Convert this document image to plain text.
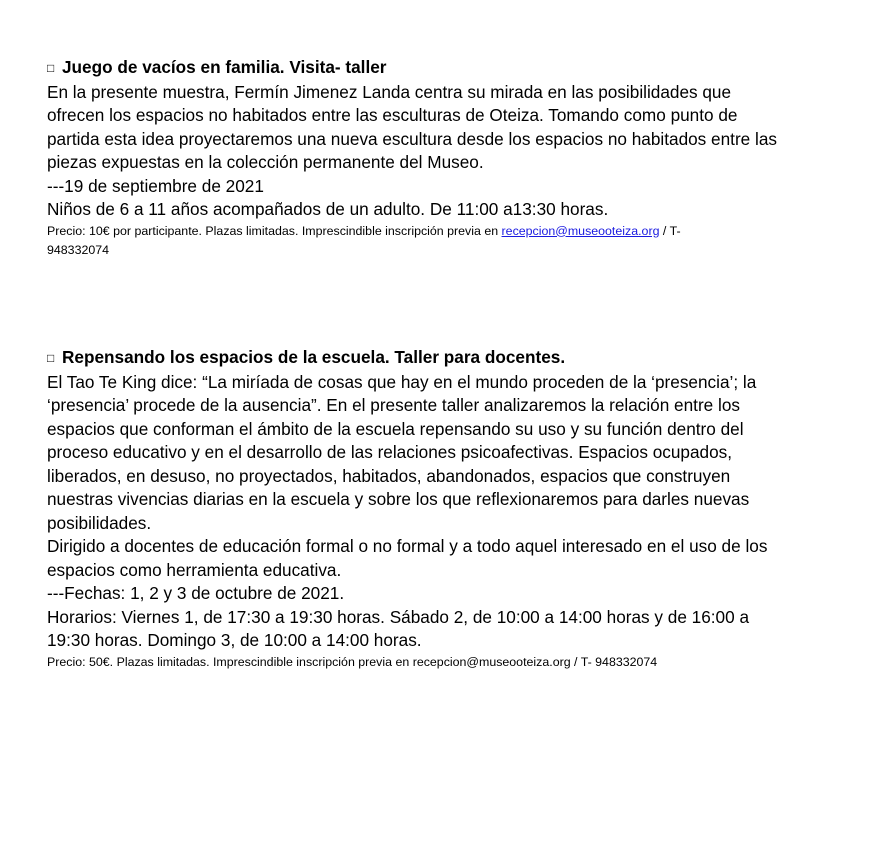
□ Juego de vacíos en familia. Visita- taller

En la presente muestra, Fermín Jimenez Landa centra su mirada en las posibilidades que
ofrecen los espacios no habitados entre las esculturas de Oteiza. Tomando como punto de
partida esta idea proyectaremos una nueva escultura desde los espacios no habitados entre las
piezas expuestas en la colección permanente del Museo.
---19 de septiembre de 2021
Niños de 6 a 11 años acompañados de un adulto. De 11:00 a13:30 horas.

Precio: 10€ por participante. Plazas limitadas. Imprescindible inscripción previa en recepcion@museooteiza.org / T-
948332074

□ Repensando los espacios de la escuela. Taller para docentes.

El Tao Te King dice: “La miríada de cosas que hay en el mundo proceden de la ‘presencia’; la
‘presencia’ procede de la ausencia”. En el presente taller analizaremos la relación entre los
espacios que conforman el ámbito de la escuela repensando su uso y su función dentro del
proceso educativo y en el desarrollo de las relaciones psicoafectivas. Espacios ocupados,
liberados, en desuso, no proyectados, habitados, abandonados, espacios que construyen
nuestras vivencias diarias en la escuela y sobre los que reflexionaremos para darles nuevas
posibilidades.
Dirigido a docentes de educación formal o no formal y a todo aquel interesado en el uso de los
espacios como herramienta educativa.
---Fechas: 1, 2 y 3 de octubre de 2021.
Horarios: Viernes 1, de 17:30 a 19:30 horas. Sábado 2, de 10:00 a 14:00 horas y de 16:00 a
19:30 horas. Domingo 3, de 10:00 a 14:00 horas.

Precio: 50€. Plazas limitadas. Imprescindible inscripción previa en recepcion@museooteiza.org / T- 948332074
